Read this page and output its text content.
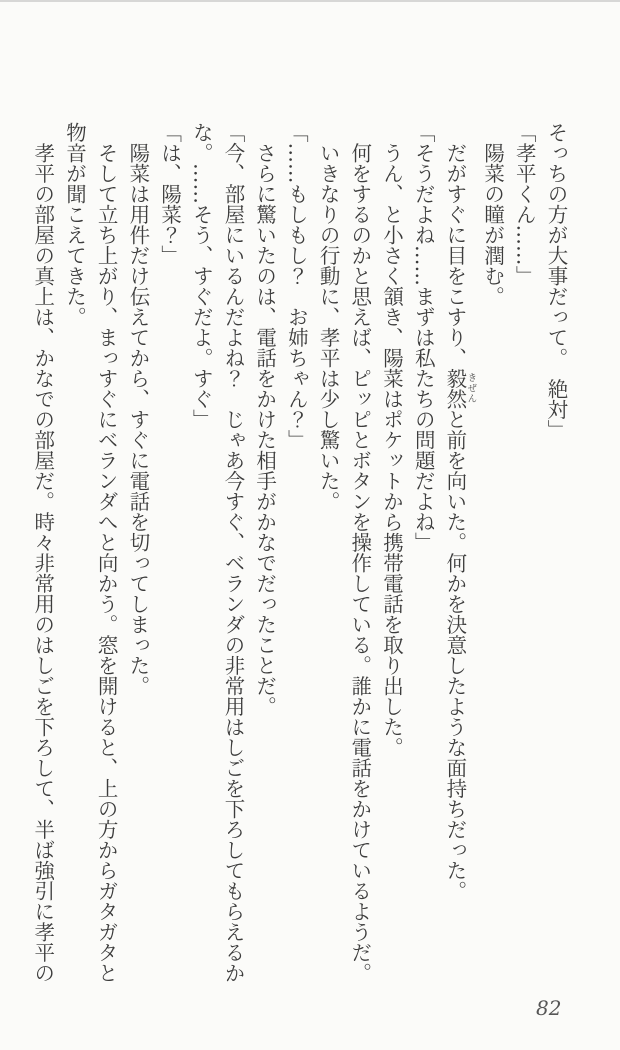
そっちの方が大事だって。　絶対」

「孝平くん……」

　陽菜の瞳が潤む。

　だがすぐに目をこすり、毅然きぜんと前を向いた。何かを決意したような面持ちだった。

「そうだよね……まずは私たちの問題だよね」

　うん、と小さく頷き、陽菜はポケットから携帯電話を取り出した。

　何をするのかと思えば、ピッピとボタンを操作している。誰かに電話をかけているようだ。

　いきなりの行動に、孝平は少し驚いた。

「……もしもし？　お姉ちゃん？」

　さらに驚いたのは、電話をかけた相手がかなでだったことだ。

「今、部屋にいるんだよね？　じゃあ今すぐ、ベランダの非常用はしごを下ろしてもらえるかな。……そう、すぐだよ。すぐ」

「は、陽菜？」

　陽菜は用件だけ伝えてから、すぐに電話を切ってしまった。

　そして立ち上がり、まっすぐにベランダへと向かう。窓を開けると、上の方からガタガタと物音が聞こえてきた。

　孝平の部屋の真上は、かなでの部屋だ。時々非常用のはしごを下ろして、半ば強引に孝平の

82
